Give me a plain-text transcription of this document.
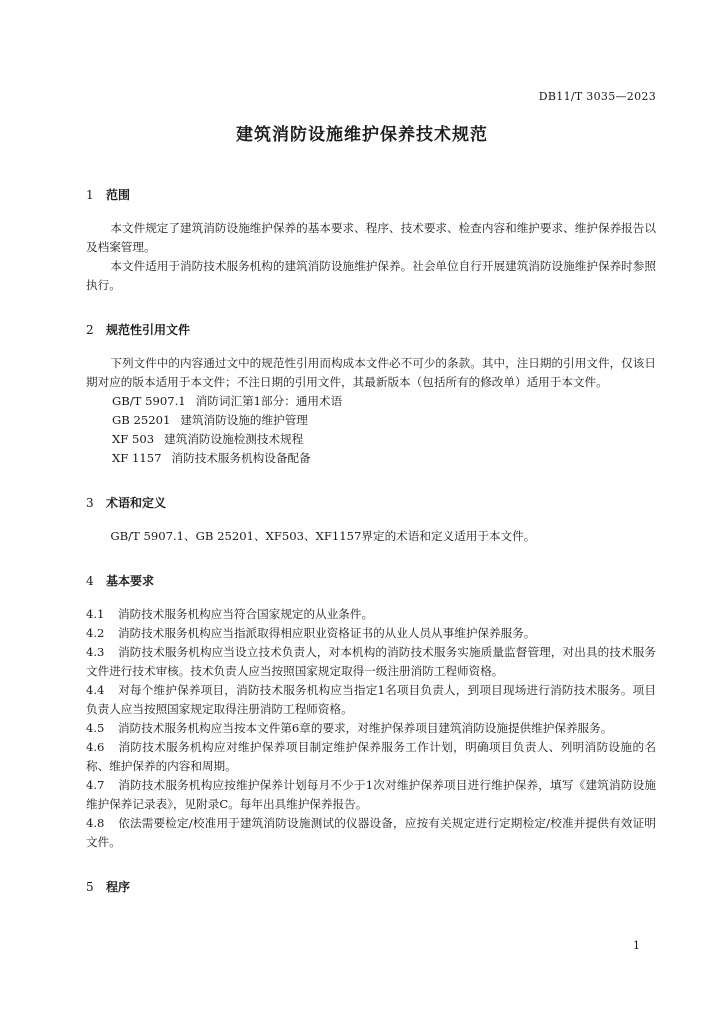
DB11/T 3035—2023
建筑消防设施维护保养技术规范

1 范围

本文件规定了建筑消防设施维护保养的基本要求、程序、技术要求、检查内容和维护要求、维护保养报告以及档案管理。

本文件适用于消防技术服务机构的建筑消防设施维护保养。社会单位自行开展建筑消防设施维护保养时参照执行。

2 规范性引用文件

下列文件中的内容通过文中的规范性引用而构成本文件必不可少的条款。其中，注日期的引用文件，仅该日期对应的版本适用于本文件；不注日期的引用文件，其最新版本（包括所有的修改单）适用于本文件。

GB/T 5907.1 消防词汇第1部分：通用术语

GB 25201 建筑消防设施的维护管理

XF 503 建筑消防设施检测技术规程

XF 1157 消防技术服务机构设备配备

3 术语和定义

GB/T 5907.1、GB 25201、XF503、XF1157界定的术语和定义适用于本文件。

4 基本要求

4.1 消防技术服务机构应当符合国家规定的从业条件。

4.2 消防技术服务机构应当指派取得相应职业资格证书的从业人员从事维护保养服务。

4.3 消防技术服务机构应当设立技术负责人，对本机构的消防技术服务实施质量监督管理，对出具的技术服务文件进行技术审核。技术负责人应当按照国家规定取得一级注册消防工程师资格。

4.4 对每个维护保养项目，消防技术服务机构应当指定1名项目负责人，到项目现场进行消防技术服务。项目负责人应当按照国家规定取得注册消防工程师资格。

4.5 消防技术服务机构应当按本文件第6章的要求，对维护保养项目建筑消防设施提供维护保养服务。

4.6 消防技术服务机构应对维护保养项目制定维护保养服务工作计划，明确项目负责人、列明消防设施的名称、维护保养的内容和周期。

4.7 消防技术服务机构应按维护保养计划每月不少于1次对维护保养项目进行维护保养，填写《建筑消防设施维护保养记录表》，见附录C。每年出具维护保养报告。

4.8 依法需要检定/校准用于建筑消防设施测试的仪器设备，应按有关规定进行定期检定/校准并提供有效证明文件。

5 程序

1
